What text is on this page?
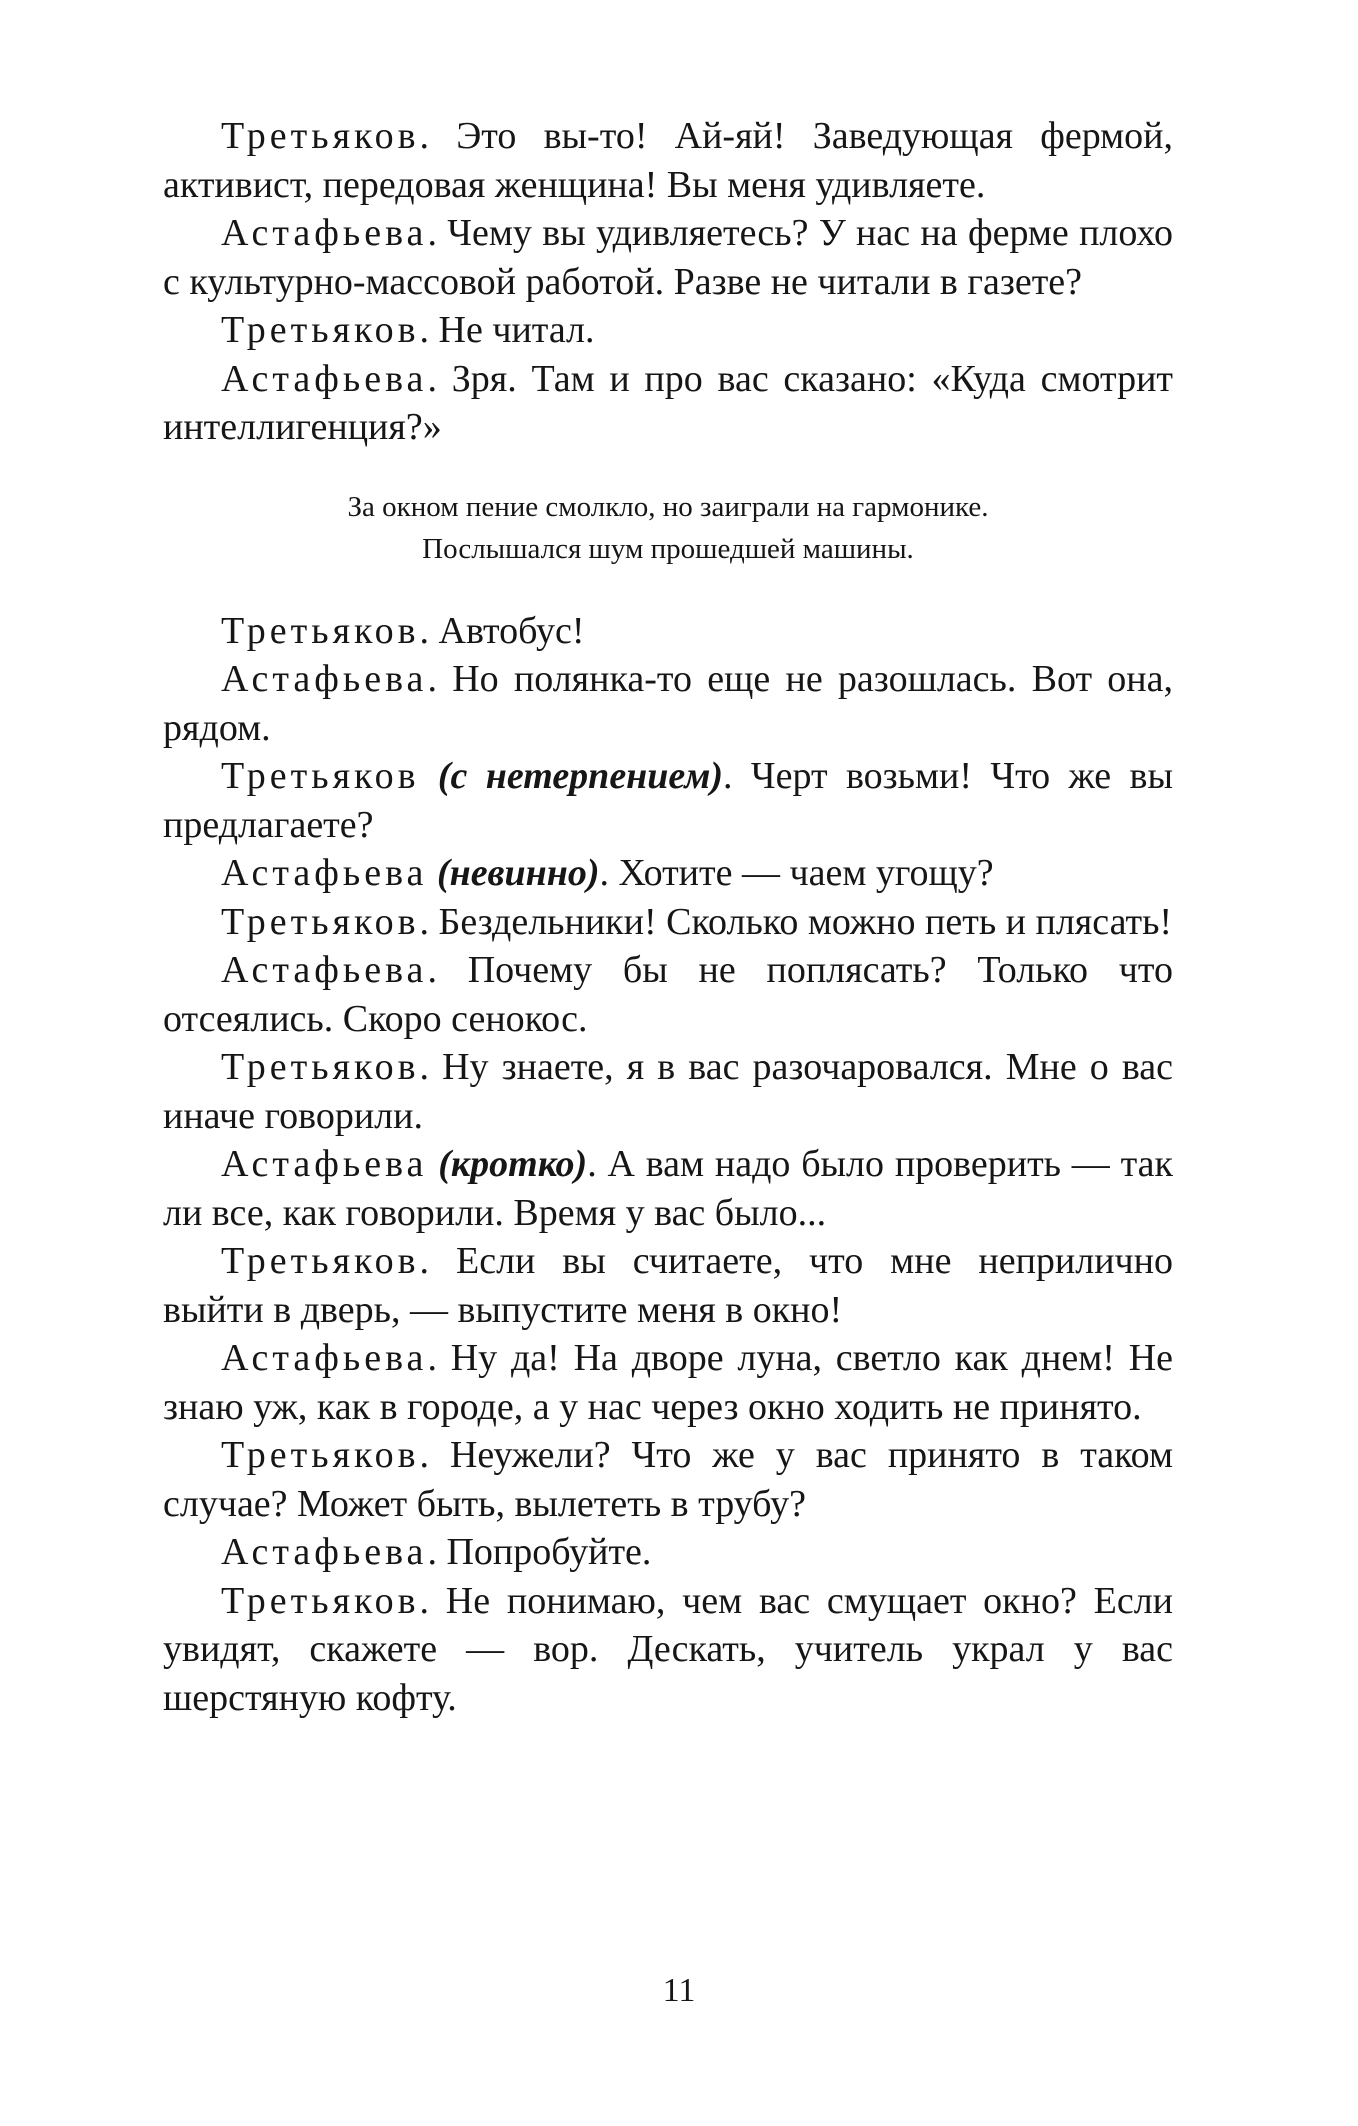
Третьяков. Это вы-то! Ай-яй! Заведующая фермой, активист, передовая женщина! Вы меня удивляете.

Астафьева. Чему вы удивляетесь? У нас на ферме плохо с культурно-массовой работой. Разве не читали в газете?

Третьяков. Не читал.

Астафьева. Зря. Там и про вас сказано: «Куда смотрит интеллигенция?»

За окном пение смолкло, но заиграли на гармонике.
Послышался шум прошедшей машины.

Третьяков. Автобус!

Астафьева. Но полянка-то еще не разошлась. Вот она, рядом.

Третьяков (с нетерпением). Черт возьми! Что же вы предлагаете?

Астафьева (невинно). Хотите — чаем угощу?

Третьяков. Бездельники! Сколько можно петь и плясать!

Астафьева. Почему бы не поплясать? Только что отсеялись. Скоро сенокос.

Третьяков. Ну знаете, я в вас разочаровался. Мне о вас иначе говорили.

Астафьева (кротко). А вам надо было проверить — так ли все, как говорили. Время у вас было...

Третьяков. Если вы считаете, что мне неприлично выйти в дверь, — выпустите меня в окно!

Астафьева. Ну да! На дворе луна, светло как днем! Не знаю уж, как в городе, а у нас через окно ходить не принято.

Третьяков. Неужели? Что же у вас принято в таком случае? Может быть, вылететь в трубу?

Астафьева. Попробуйте.

Третьяков. Не понимаю, чем вас смущает окно? Если увидят, скажете — вор. Дескать, учитель украл у вас шерстяную кофту.

11
